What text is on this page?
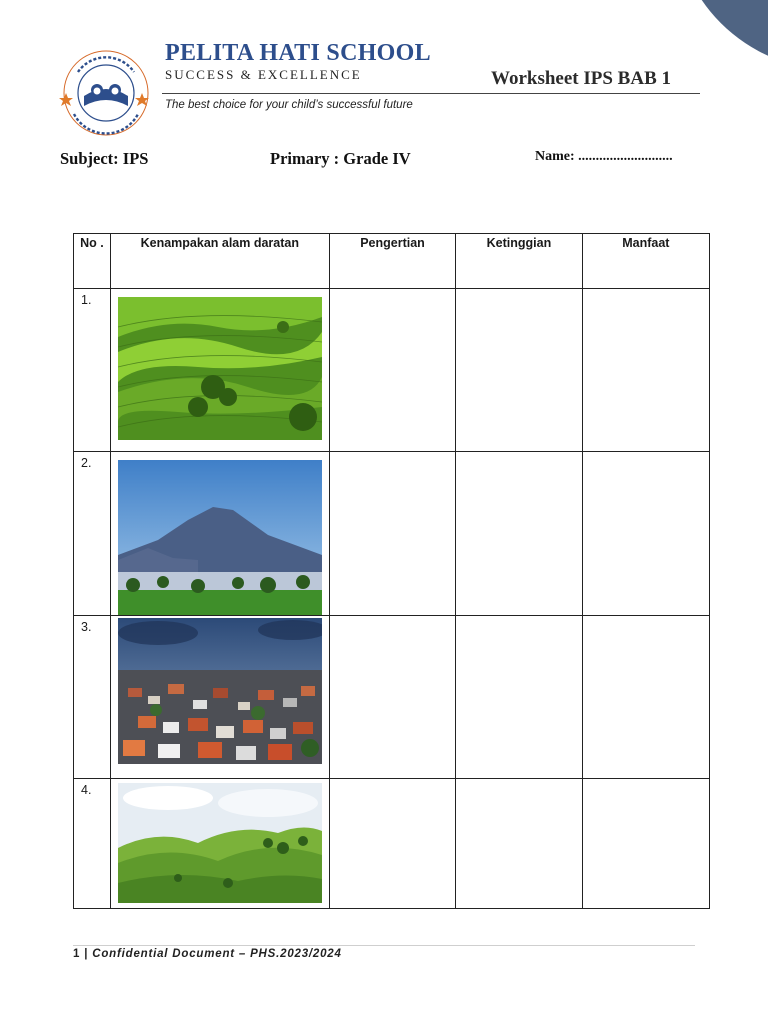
PELITA HATI SCHOOL
SUCCESS & EXCELLENCE
The best choice for your child’s successful future
Worksheet IPS BAB 1
Subject: IPS	Primary : Grade IV	Name: ...........................
No .	Kenampakan alam daratan	Pengertian	Ketinggian	Manfaat
1.	

2.	

3.	

4.	

1 | Confidential Document – PHS.2023/2024
